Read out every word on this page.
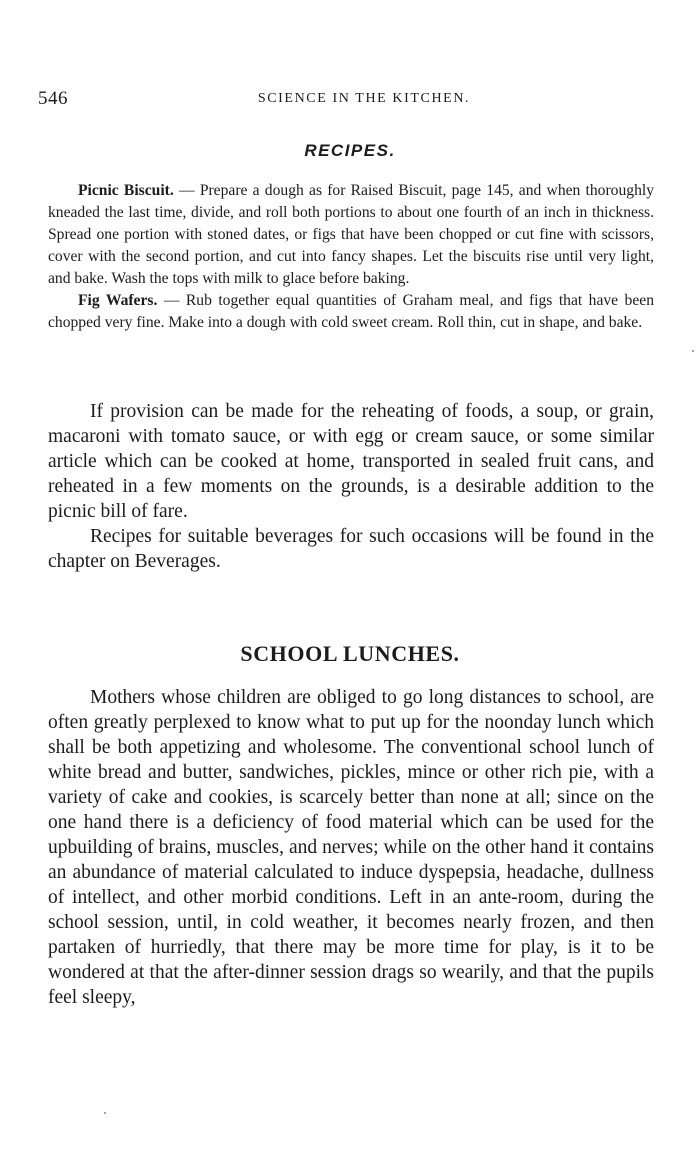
546	SCIENCE IN THE KITCHEN.
RECIPES.

Picnic Biscuit. — Prepare a dough as for Raised Biscuit, page 145, and when thoroughly kneaded the last time, divide, and roll both portions to about one fourth of an inch in thickness. Spread one portion with stoned dates, or figs that have been chopped or cut fine with scissors, cover with the second portion, and cut into fancy shapes. Let the biscuits rise until very light, and bake. Wash the tops with milk to glace before baking.

Fig Wafers. — Rub together equal quantities of Graham meal, and figs that have been chopped very fine. Make into a dough with cold sweet cream. Roll thin, cut in shape, and bake.

If provision can be made for the reheating of foods, a soup, or grain, macaroni with tomato sauce, or with egg or cream sauce, or some similar article which can be cooked at home, transported in sealed fruit cans, and reheated in a few moments on the grounds, is a desirable addition to the picnic bill of fare.

Recipes for suitable beverages for such occasions will be found in the chapter on Beverages.

SCHOOL LUNCHES.

Mothers whose children are obliged to go long distances to school, are often greatly perplexed to know what to put up for the noonday lunch which shall be both appetizing and wholesome. The conventional school lunch of white bread and butter, sandwiches, pickles, mince or other rich pie, with a variety of cake and cookies, is scarcely better than none at all; since on the one hand there is a deficiency of food material which can be used for the upbuilding of brains, muscles, and nerves; while on the other hand it contains an abundance of material calculated to induce dyspepsia, headache, dullness of intellect, and other morbid conditions. Left in an ante-room, during the school session, until, in cold weather, it becomes nearly frozen, and then partaken of hurriedly, that there may be more time for play, is it to be wondered at that the after-dinner session drags so wearily, and that the pupils feel sleepy,
